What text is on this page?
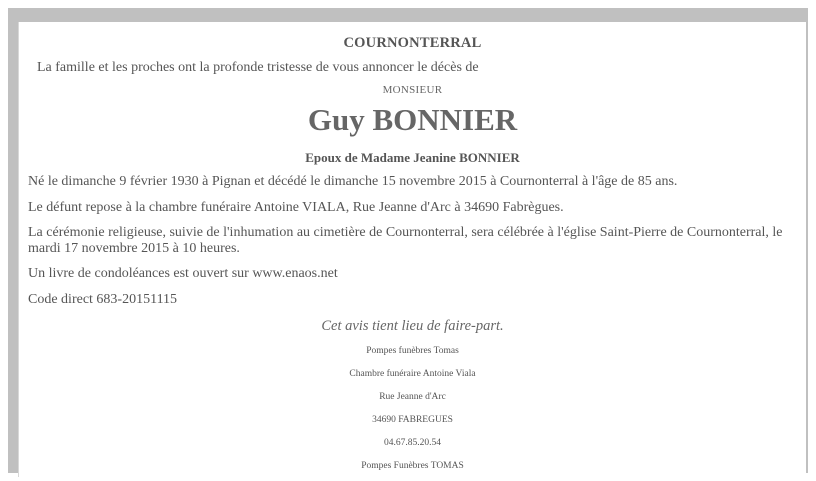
COURNONTERRAL
La famille et les proches ont la profonde tristesse de vous annoncer le décès de
MONSIEUR
Guy BONNIER
Epoux de Madame Jeanine BONNIER
Né le dimanche 9 février 1930 à Pignan et décédé le dimanche 15 novembre 2015 à Cournonterral à l'âge de 85 ans.
Le défunt repose à la chambre funéraire Antoine VIALA, Rue Jeanne d'Arc à 34690 Fabrègues.
La cérémonie religieuse, suivie de l'inhumation au cimetière de Cournonterral, sera célébrée à l'église Saint-Pierre de Cournonterral, le mardi 17 novembre 2015 à 10 heures.
Un livre de condoléances est ouvert sur www.enaos.net
Code direct 683-20151115
Cet avis tient lieu de faire-part.
Pompes funèbres Tomas
Chambre funéraire Antoine Viala
Rue Jeanne d'Arc
34690 FABREGUES
04.67.85.20.54
Pompes Funèbres TOMAS
